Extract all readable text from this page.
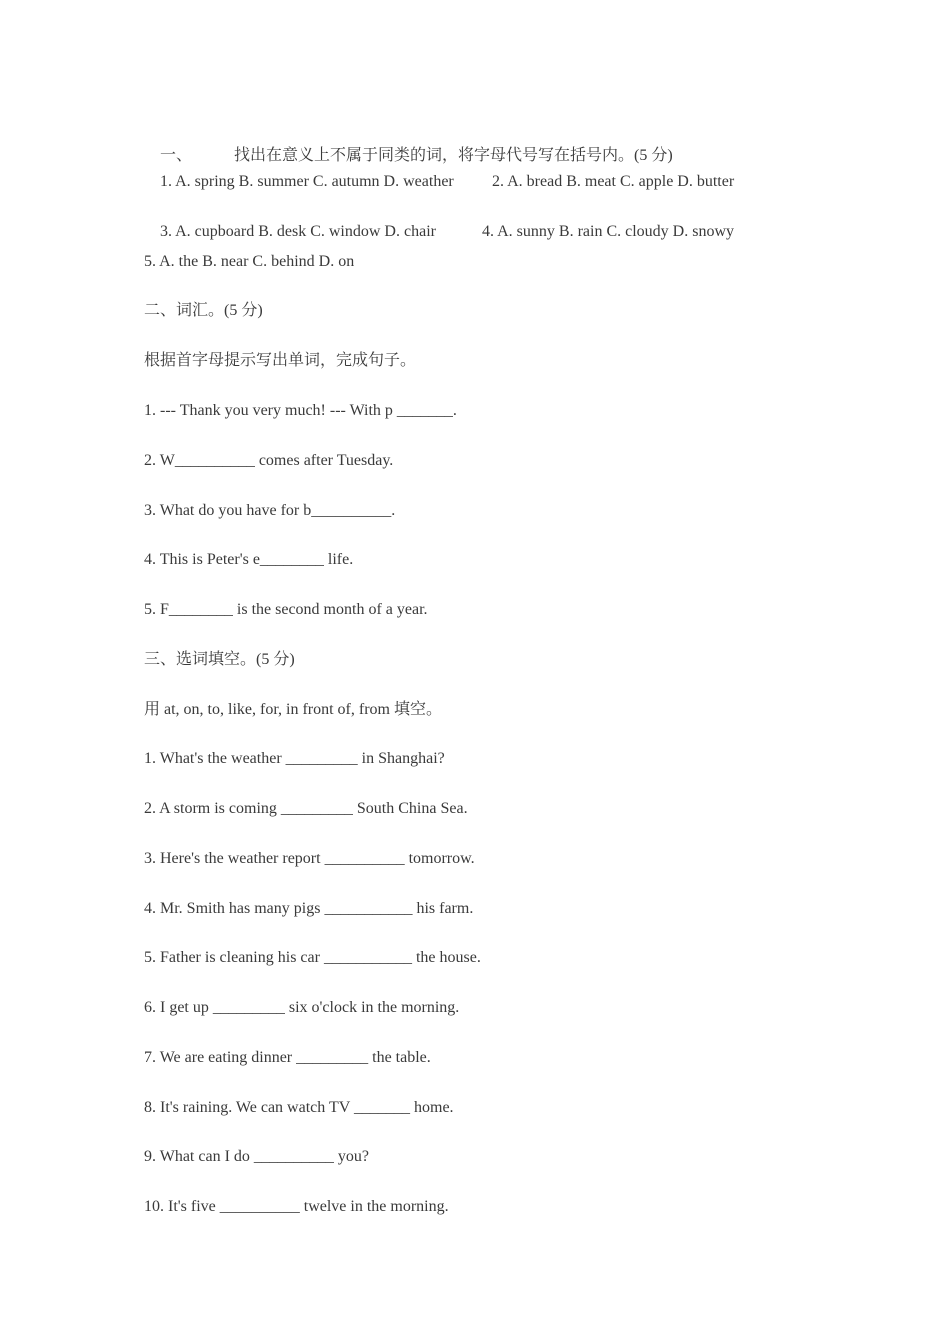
一、	找出在意义上不属于同类的词，将字母代号写在括号内。(5 分)

1. A. spring B. summer C. autumn D. weather 2. A. bread B. meat C. apple D. butter

3. A. cupboard B. desk C. window D. chair	4. A. sunny B. rain C. cloudy D. snowy

5. A. the B. near C. behind D. on
二、词汇。(5 分)
根据首字母提示写出单词，完成句子。
1. --- Thank you very much! --- With p _______.
2. W__________ comes after Tuesday.
3. What do you have for b__________.
4. This is Peter's e________ life.
5. F________ is the second month of a year.
三、选词填空。(5 分)
用 at, on, to, like, for, in front of, from 填空。
1. What's the weather _________ in Shanghai?
2. A storm is coming _________ South China Sea.
3. Here's the weather report __________ tomorrow.
4. Mr. Smith has many pigs ___________ his farm.
5. Father is cleaning his car ___________ the house.
6. I get up _________ six o'clock in the morning.
7. We are eating dinner _________ the table.
8. It's raining. We can watch TV _______ home.
9. What can I do __________ you?
10. It's five __________ twelve in the morning.
